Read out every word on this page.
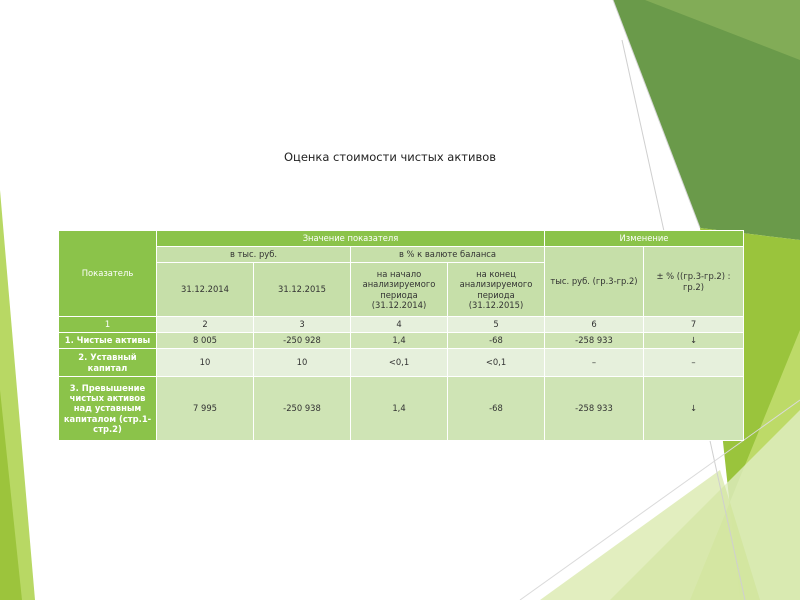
Оценка стоимости чистых активов
Показатель	Значение показателя				Изменение	
	в тыс. руб.		в % к валюте баланса		тыс. руб. (гр.3-гр.2)	± % ((гр.3-гр.2) : гр.2)
	31.12.2014	31.12.2015	на начало анализируемого периода (31.12.2014)	на конец анализируемого периода (31.12.2015)		
1	2	3	4	5	6	7
1. Чистые активы	8 005	-250 928	1,4	-68	-258 933	↓
2. Уставный капитал	10	10	<0,1	<0,1	–	–
3. Превышение чистых активов над уставным капиталом (стр.1-стр.2)	7 995	-250 938	1,4	-68	-258 933	↓
